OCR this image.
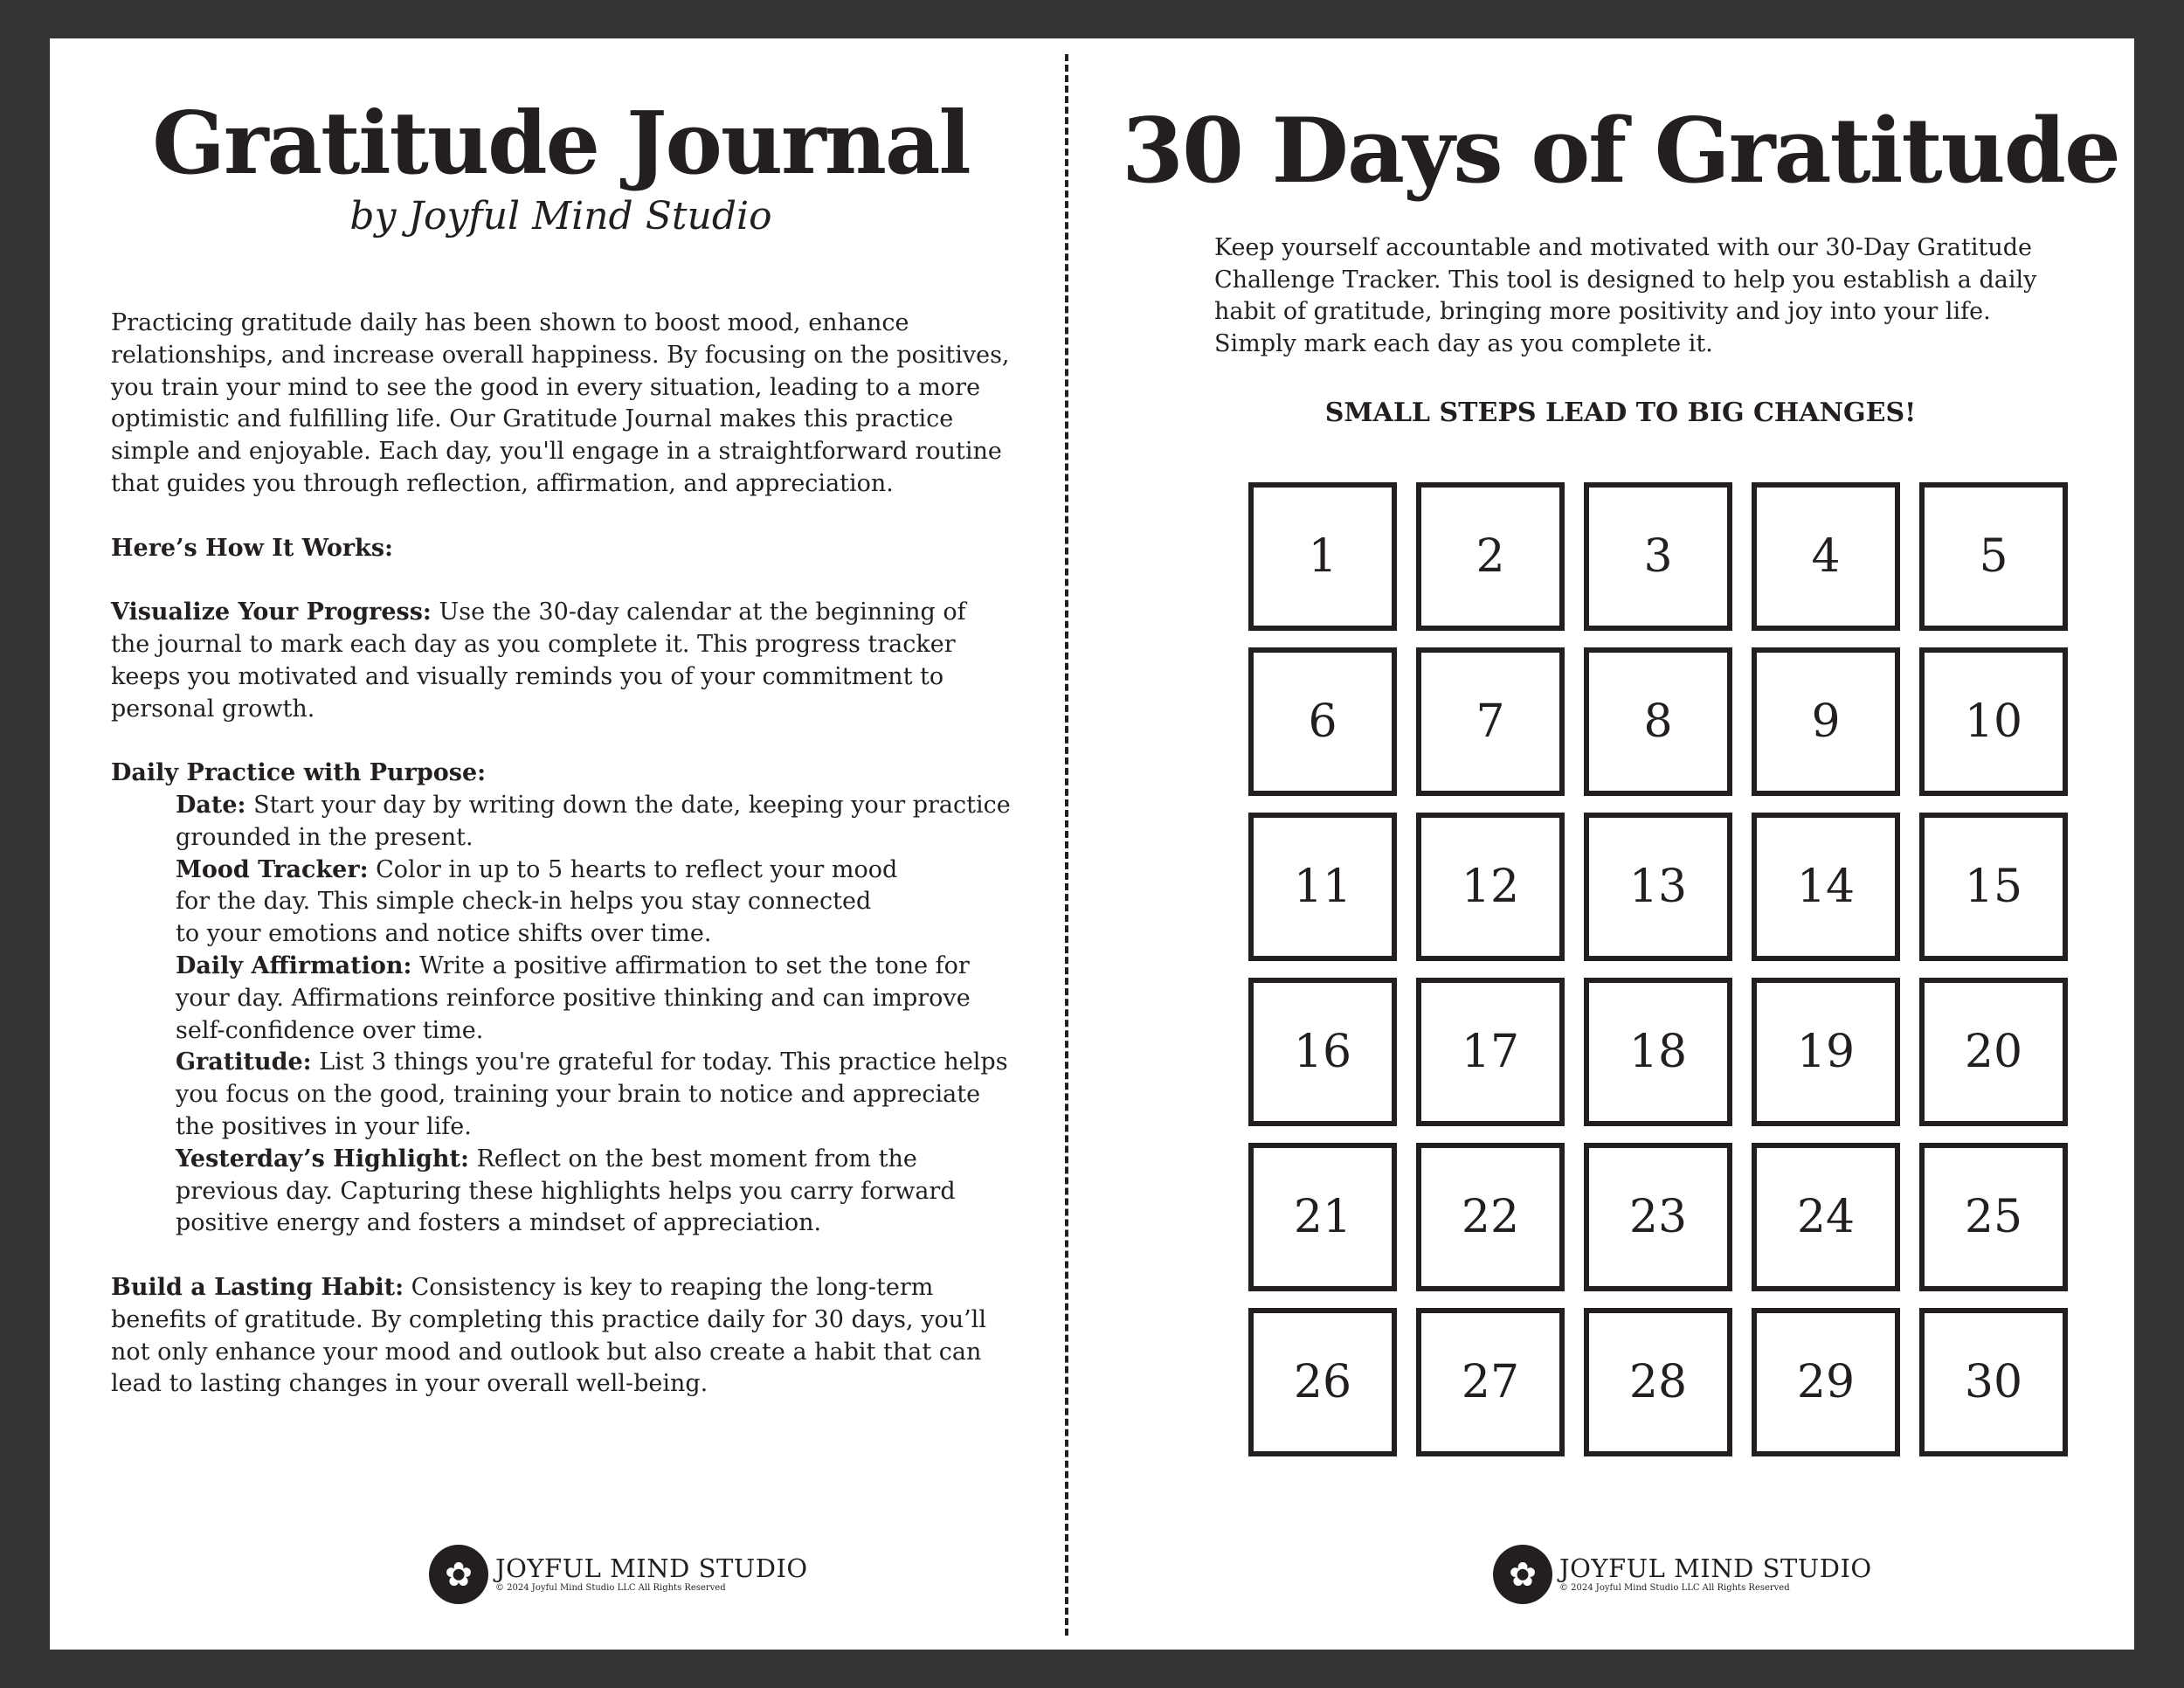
Gratitude Journal
by Joyful Mind Studio

Practicing gratitude daily has been shown to boost mood, enhance relationships, and increase overall happiness. By focusing on the positives, you train your mind to see the good in every situation, leading to a more optimistic and fulfilling life. Our Gratitude Journal makes this practice simple and enjoyable. Each day, you'll engage in a straightforward routine that guides you through reflection, affirmation, and appreciation.

Here’s How It Works:

Visualize Your Progress: Use the 30-day calendar at the beginning of the journal to mark each day as you complete it. This progress tracker keeps you motivated and visually reminds you of your commitment to personal growth.

Daily Practice with Purpose:

Date: Start your day by writing down the date, keeping your practice grounded in the present.

Mood Tracker: Color in up to 5 hearts to reflect your mood for the day. This simple check-in helps you stay connected to your emotions and notice shifts over time.

Daily Affirmation: Write a positive affirmation to set the tone for your day. Affirmations reinforce positive thinking and can improve self-confidence over time.

Gratitude: List 3 things you're grateful for today. This practice helps you focus on the good, training your brain to notice and appreciate the positives in your life.

Yesterday’s Highlight: Reflect on the best moment from the previous day. Capturing these highlights helps you carry forward positive energy and fosters a mindset of appreciation.

Build a Lasting Habit: Consistency is key to reaping the long-term benefits of gratitude. By completing this practice daily for 30 days, you’ll not only enhance your mood and outlook but also create a habit that can lead to lasting changes in your overall well-being.

✿ JOYFUL MIND STUDIO
© 2024 Joyful Mind Studio LLC All Rights Reserved
30 Days of Gratitude
Keep yourself accountable and motivated with our 30-Day Gratitude Challenge Tracker. This tool is designed to help you establish a daily habit of gratitude, bringing more positivity and joy into your life. Simply mark each day as you complete it.
SMALL STEPS LEAD TO BIG CHANGES!
1	2	3	4	5
6	7	8	9	10
11	12	13	14	15
16	17	18	19	20
21	22	23	24	25
26	27	28	29	30
✿ JOYFUL MIND STUDIO
© 2024 Joyful Mind Studio LLC All Rights Reserved
